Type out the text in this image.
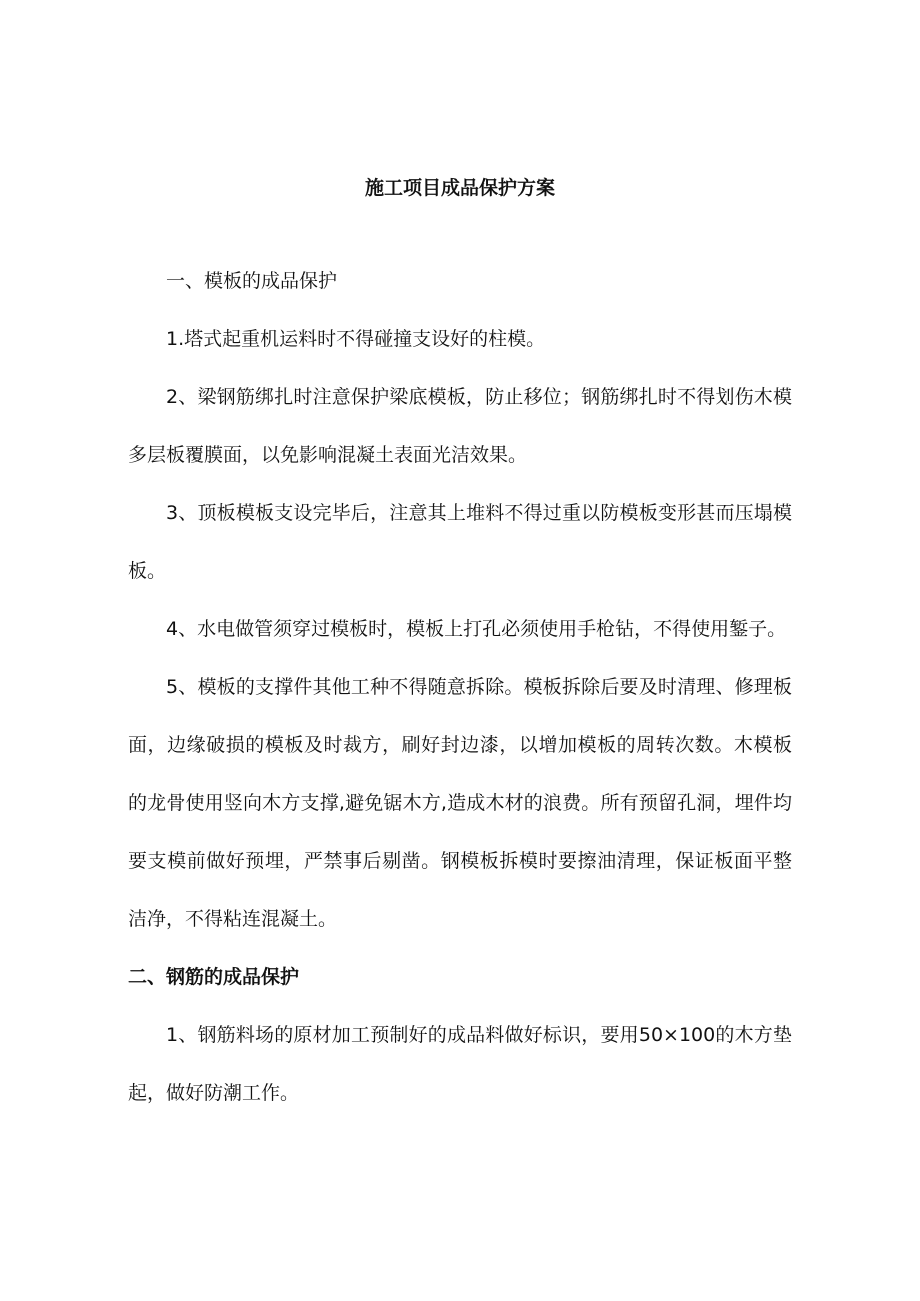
施工项目成品保护方案

一、模板的成品保护

1.塔式起重机运料时不得碰撞支设好的柱模。

2、梁钢筋绑扎时注意保护梁底模板，防止移位；钢筋绑扎时不得划伤木模多层板覆膜面，以免影响混凝土表面光洁效果。

3、顶板模板支设完毕后，注意其上堆料不得过重以防模板变形甚而压塌模板。

4、水电做管须穿过模板时，模板上打孔必须使用手枪钻，不得使用錾子。

5、模板的支撑件其他工种不得随意拆除。模板拆除后要及时清理、修理板面，边缘破损的模板及时裁方，刷好封边漆，以增加模板的周转次数。木模板的龙骨使用竖向木方支撑,避免锯木方,造成木材的浪费。所有预留孔洞，埋件均要支模前做好预埋，严禁事后剔凿。钢模板拆模时要擦油清理，保证板面平整洁净，不得粘连混凝土。

二、钢筋的成品保护

1、钢筋料场的原材加工预制好的成品料做好标识，要用50×100的木方垫起，做好防潮工作。
